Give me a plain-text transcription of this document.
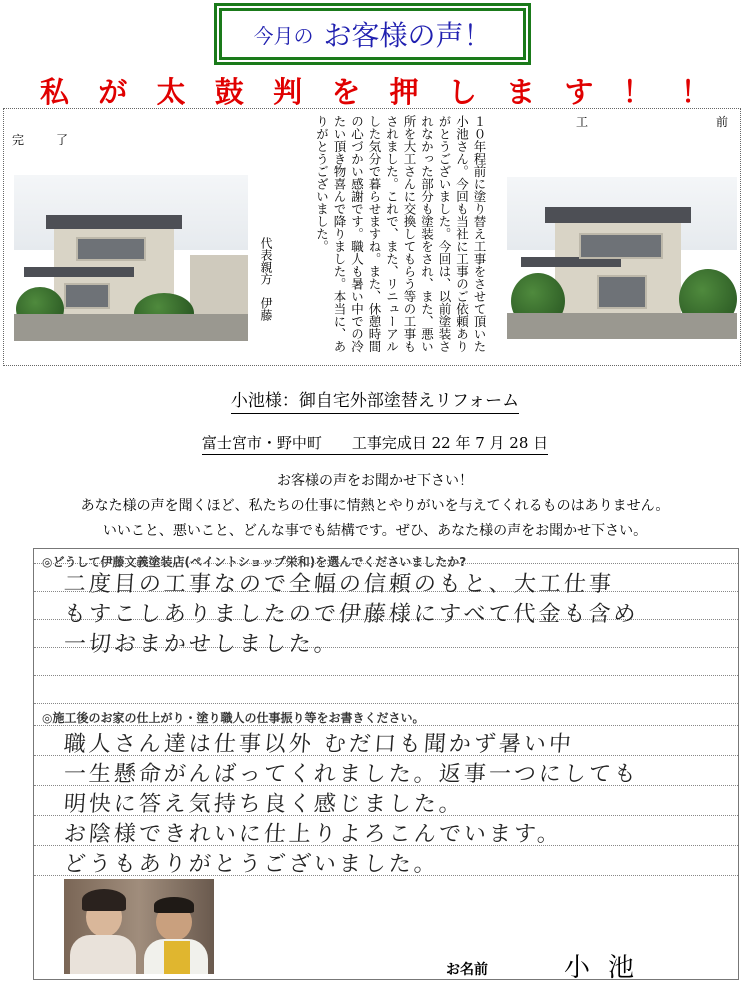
今月の お客様の声！
私 が 太 鼓 判 を 押 し ま す ！ ！
完	了	１０年程前に塗り替え工事をさせて頂いた小池さん。今回も当社に工事のご依頼ありがとうございました。今回は、以前塗装されなかった部分も塗装をされ、また、悪い所を大工さんに交換してもらう等の工事もされました。これで、また、リニューアルした気分で暮らせますね。また、休憩時間の心づかい感謝です。職人も暑い中での冷たい頂き物喜んで降りました。本当に、ありがとうございました。
代表親方　伊藤
工	前
小池様：御自宅外部塗替えリフォーム
富士宮市・野中町　　工事完成日 22 年 7 月 28 日
お客様の声をお聞かせ下さい！
あなた様の声を聞くほど、私たちの仕事に情熱とやりがいを与えてくれるものはありません。
いいこと、悪いこと、どんな事でも結構です。ぜひ、あなた様の声をお聞かせ下さい。
◎どうして伊藤文義塗装店(ペイントショップ栄和)を選んでくださいましたか?
二度目の工事なので全幅の信頼のもと、大工仕事
もすこしありましたので伊藤様にすべて代金も含め
一切おまかせしました。
◎施工後のお家の仕上がり・塗り職人の仕事振り等をお書きください。
職人さん達は仕事以外 むだ口も聞かず暑い中
一生懸命がんばってくれました。返事一つにしても
明快に答え気持ち良く感じました。
お陰様できれいに仕上りよろこんでいます。
どうもありがとうございました。
お名前	小池
